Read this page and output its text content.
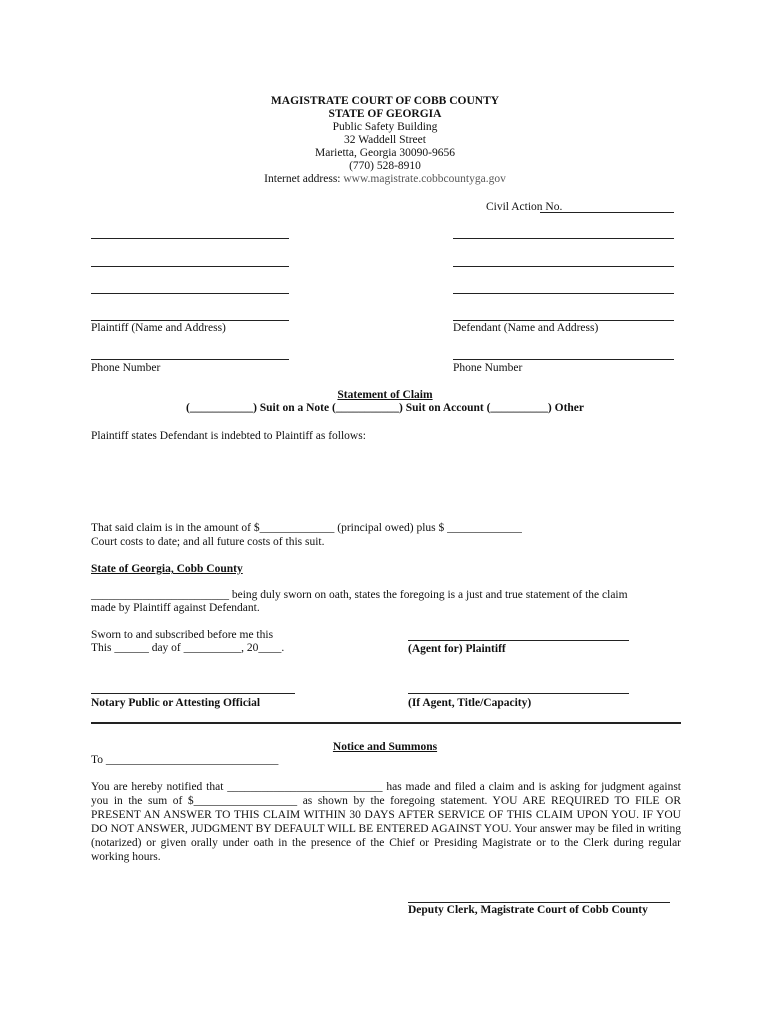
MAGISTRATE COURT OF COBB COUNTY
STATE OF GEORGIA
Public Safety Building
32 Waddell Street
Marietta, Georgia 30090-9656
(770) 528-8910
Internet address: www.magistrate.cobbcountyga.gov
Civil Action No.
Plaintiff (Name and Address)	Defendant (Name and Address)
Phone Number	Phone Number
Statement of Claim
(___________) Suit on a Note (___________) Suit on Account (__________) Other
Plaintiff states Defendant is indebted to Plaintiff as follows:
That said claim is in the amount of $_____________ (principal owed) plus $ _____________
Court costs to date; and all future costs of this suit.
State of Georgia, Cobb County
________________________ being duly sworn on oath, states the foregoing is a just and true statement of the claim
made by Plaintiff against Defendant.
Sworn to and subscribed before me this
This ______ day of __________, 20____.	(Agent for) Plaintiff
Notary Public or Attesting Official	(If Agent, Title/Capacity)
Notice and Summons
To ______________________________
You are hereby notified that ___________________________ has made and filed a claim and is asking for judgment against you in the sum of $__________________ as shown by the foregoing statement. YOU ARE REQUIRED TO FILE OR PRESENT AN ANSWER TO THIS CLAIM WITHIN 30 DAYS AFTER SERVICE OF THIS CLAIM UPON YOU. IF YOU DO NOT ANSWER, JUDGMENT BY DEFAULT WILL BE ENTERED AGAINST YOU. Your answer may be filed in writing (notarized) or given orally under oath in the presence of the Chief or Presiding Magistrate or to the Clerk during regular working hours.
Deputy Clerk, Magistrate Court of Cobb County
